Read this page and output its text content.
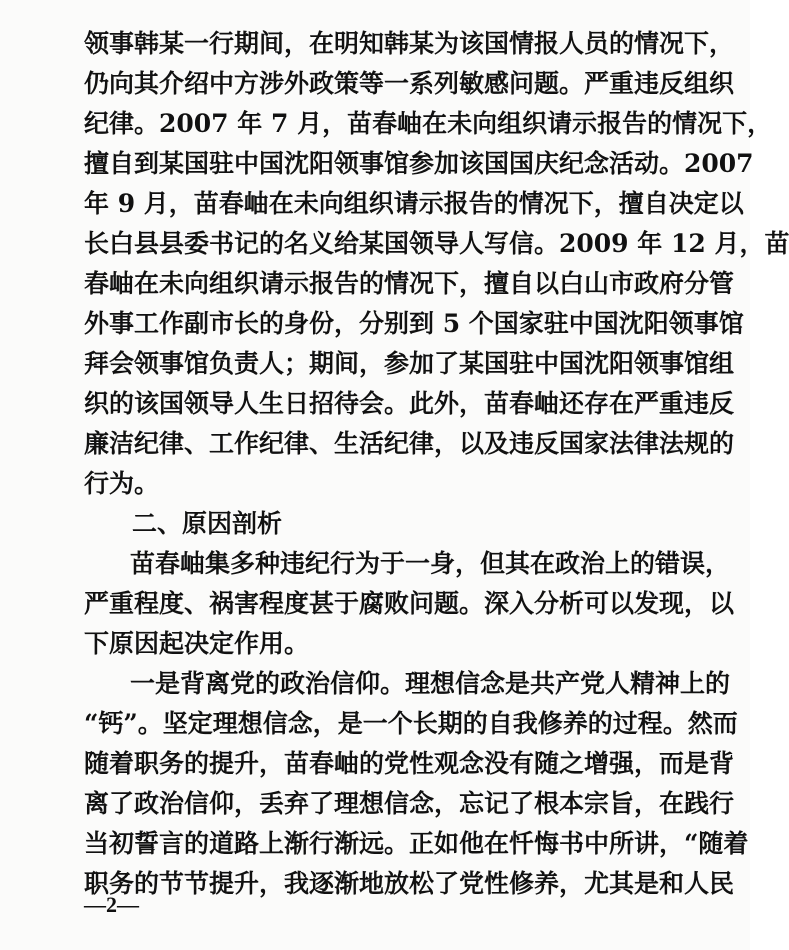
领事韩某一行期间，在明知韩某为该国情报人员的情况下，
仍向其介绍中方涉外政策等一系列敏感问题。严重违反组织
纪律。2007 年 7 月，苗春岫在未向组织请示报告的情况下，
擅自到某国驻中国沈阳领事馆参加该国国庆纪念活动。2007
年 9 月，苗春岫在未向组织请示报告的情况下，擅自决定以
长白县县委书记的名义给某国领导人写信。2009 年 12 月，苗
春岫在未向组织请示报告的情况下，擅自以白山市政府分管
外事工作副市长的身份，分别到 5 个国家驻中国沈阳领事馆
拜会领事馆负责人；期间，参加了某国驻中国沈阳领事馆组
织的该国领导人生日招待会。此外，苗春岫还存在严重违反
廉洁纪律、工作纪律、生活纪律，以及违反国家法律法规的
行为。
二、原因剖析
苗春岫集多种违纪行为于一身，但其在政治上的错误，
严重程度、祸害程度甚于腐败问题。深入分析可以发现，以
下原因起决定作用。
一是背离党的政治信仰。理想信念是共产党人精神上的
“钙”。坚定理想信念，是一个长期的自我修养的过程。然而
随着职务的提升，苗春岫的党性观念没有随之增强，而是背
离了政治信仰，丢弃了理想信念，忘记了根本宗旨，在践行
当初誓言的道路上渐行渐远。正如他在忏悔书中所讲，“随着
职务的节节提升，我逐渐地放松了党性修养，尤其是和人民
—2—
